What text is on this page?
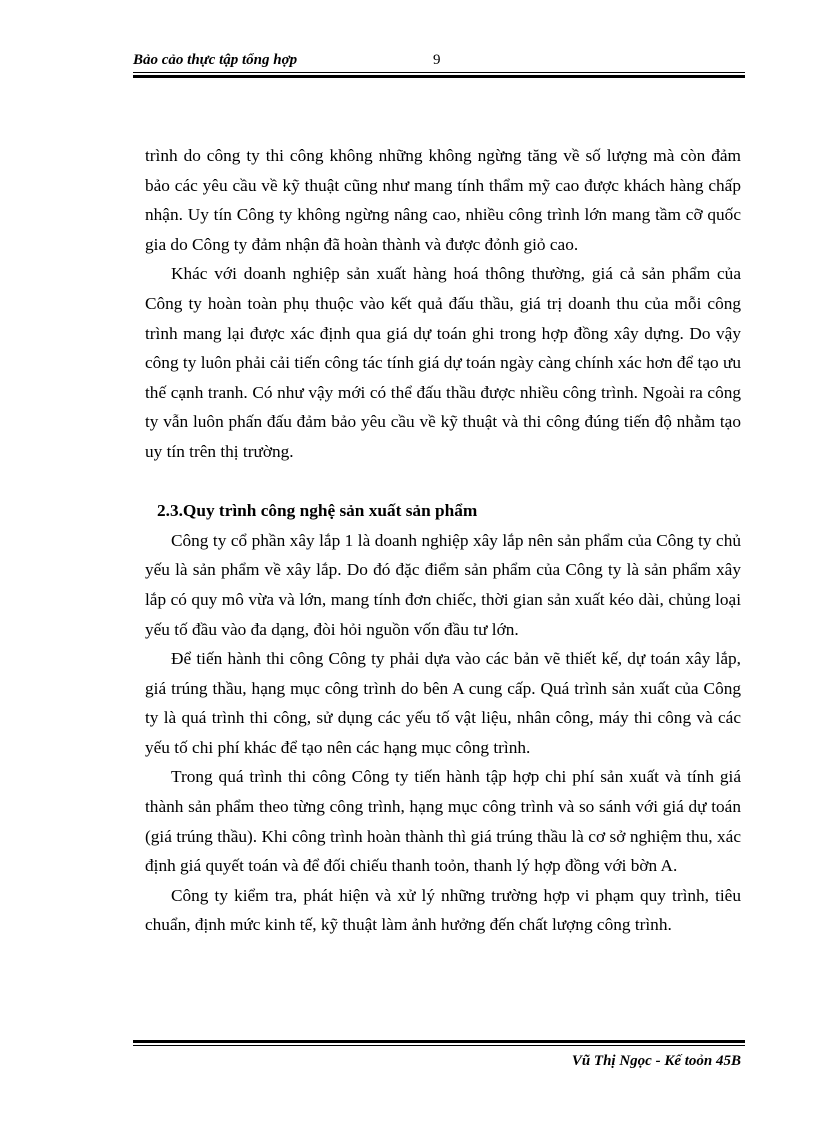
Bảo cảo thực tập tổng hợp	9

trình do công ty thi công không những không ngừng tăng về số lượng mà còn đảm bảo các yêu cầu về kỹ thuật cũng như mang tính thẩm mỹ cao được khách hàng chấp nhận. Uy tín Công ty không ngừng nâng cao, nhiều công trình lớn mang tầm cỡ quốc gia do Công ty đảm nhận đã hoàn thành và được đỏnh giỏ cao.

Khác với doanh nghiệp sản xuất hàng hoá thông thường, giá cả sản phẩm của Công ty hoàn toàn phụ thuộc vào kết quả đấu thầu, giá trị doanh thu của mỗi công trình mang lại được xác định qua giá dự toán ghi trong hợp đồng xây dựng. Do vậy công ty luôn phải cải tiến công tác tính giá dự toán ngày càng chính xác hơn để tạo ưu thế cạnh tranh. Có như vậy mới có thể đấu thầu được nhiều công trình. Ngoài ra công ty vẫn luôn phấn đấu đảm bảo yêu cầu về kỹ thuật và thi công đúng tiến độ nhằm tạo uy tín trên thị trường.

2.3.Quy trình công nghệ sản xuất sản phẩm

Công ty cổ phần xây lắp 1 là doanh nghiệp xây lắp nên sản phẩm của Công ty chủ yếu là sản phẩm về xây lắp. Do đó đặc điểm sản phẩm của Công ty là sản phẩm xây lắp có quy mô vừa và lớn, mang tính đơn chiếc, thời gian sản xuất kéo dài, chủng loại yếu tố đầu vào đa dạng, đòi hỏi nguồn vốn đầu tư lớn.

Để tiến hành thi công Công ty phải dựa vào các bản vẽ thiết kế, dự toán xây lắp, giá trúng thầu, hạng mục công trình do bên A cung cấp. Quá trình sản xuất của Công ty là quá trình thi công, sử dụng các yếu tố vật liệu, nhân công, máy thi công và các yếu tố chi phí khác để tạo nên các hạng mục công trình.

Trong quá trình thi công Công ty tiến hành tập hợp chi phí sản xuất và tính giá thành sản phẩm theo từng công trình, hạng mục công trình và so sánh với giá dự toán (giá trúng thầu). Khi công trình hoàn thành thì giá trúng thầu là cơ sở nghiệm thu, xác định giá quyết toán và để đối chiếu thanh toỏn, thanh lý hợp đồng với bờn A.

Công ty kiểm tra, phát hiện và xử lý những trường hợp vi phạm quy trình, tiêu chuẩn, định mức kinh tế, kỹ thuật làm ảnh hưởng đến chất lượng công trình.

Vũ Thị Ngọc - Kế toỏn 45B
